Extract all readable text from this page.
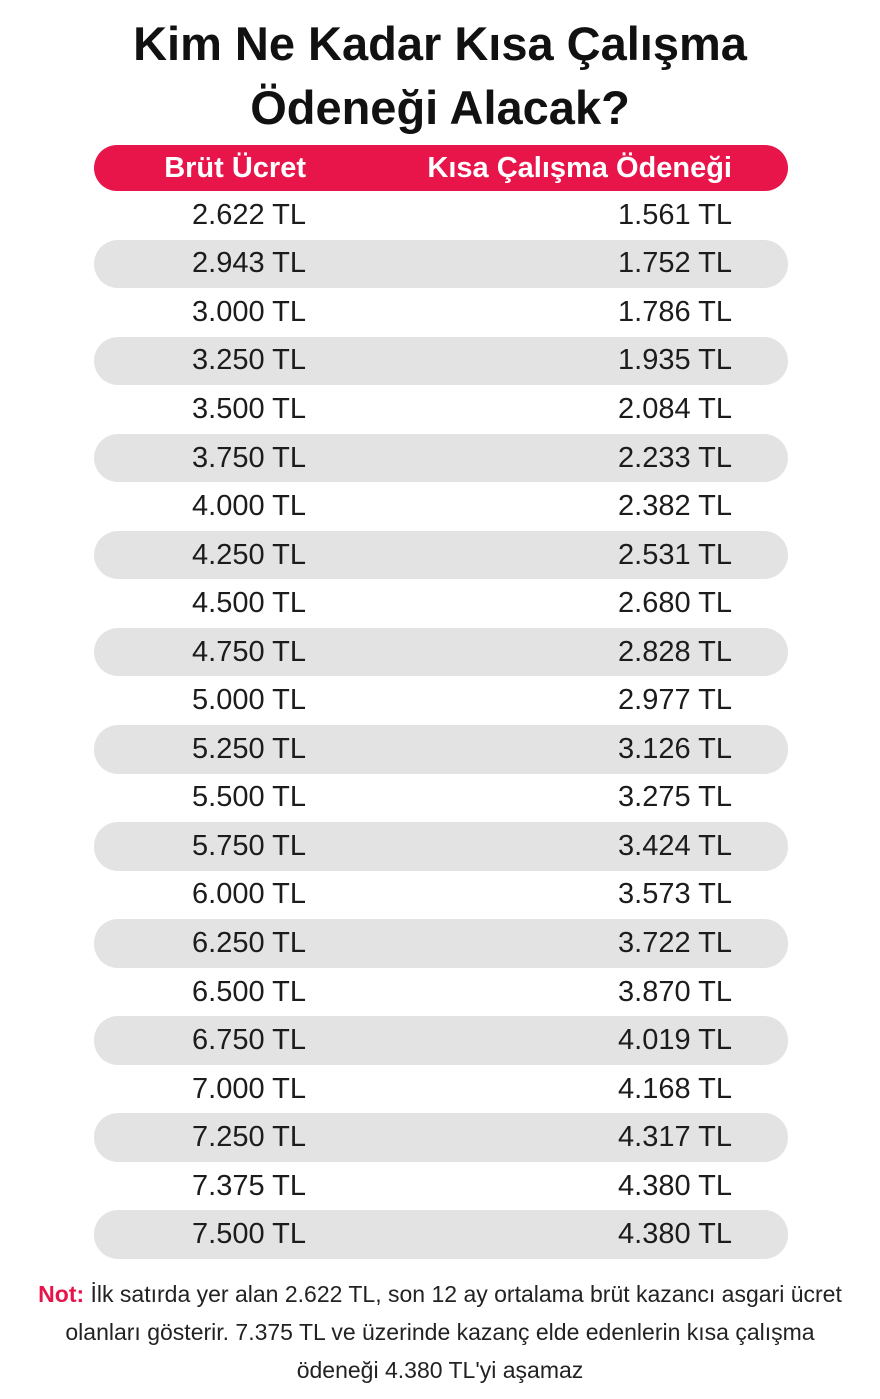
Kim Ne Kadar Kısa Çalışma
Ödeneği Alacak?
Brüt Ücret	Kısa Çalışma Ödeneği
2.622 TL	1.561 TL
2.943 TL	1.752 TL
3.000 TL	1.786 TL
3.250 TL	1.935 TL
3.500 TL	2.084 TL
3.750 TL	2.233 TL
4.000 TL	2.382 TL
4.250 TL	2.531 TL
4.500 TL	2.680 TL
4.750 TL	2.828 TL
5.000 TL	2.977 TL
5.250 TL	3.126 TL
5.500 TL	3.275 TL
5.750 TL	3.424 TL
6.000 TL	3.573 TL
6.250 TL	3.722 TL
6.500 TL	3.870 TL
6.750 TL	4.019 TL
7.000 TL	4.168 TL
7.250 TL	4.317 TL
7.375 TL	4.380 TL
7.500 TL	4.380 TL

Not: İlk satırda yer alan 2.622 TL, son 12 ay ortalama brüt kazancı asgari ücret olanları gösterir. 7.375 TL ve üzerinde kazanç elde edenlerin kısa çalışma ödeneği 4.380 TL'yi aşamaz
